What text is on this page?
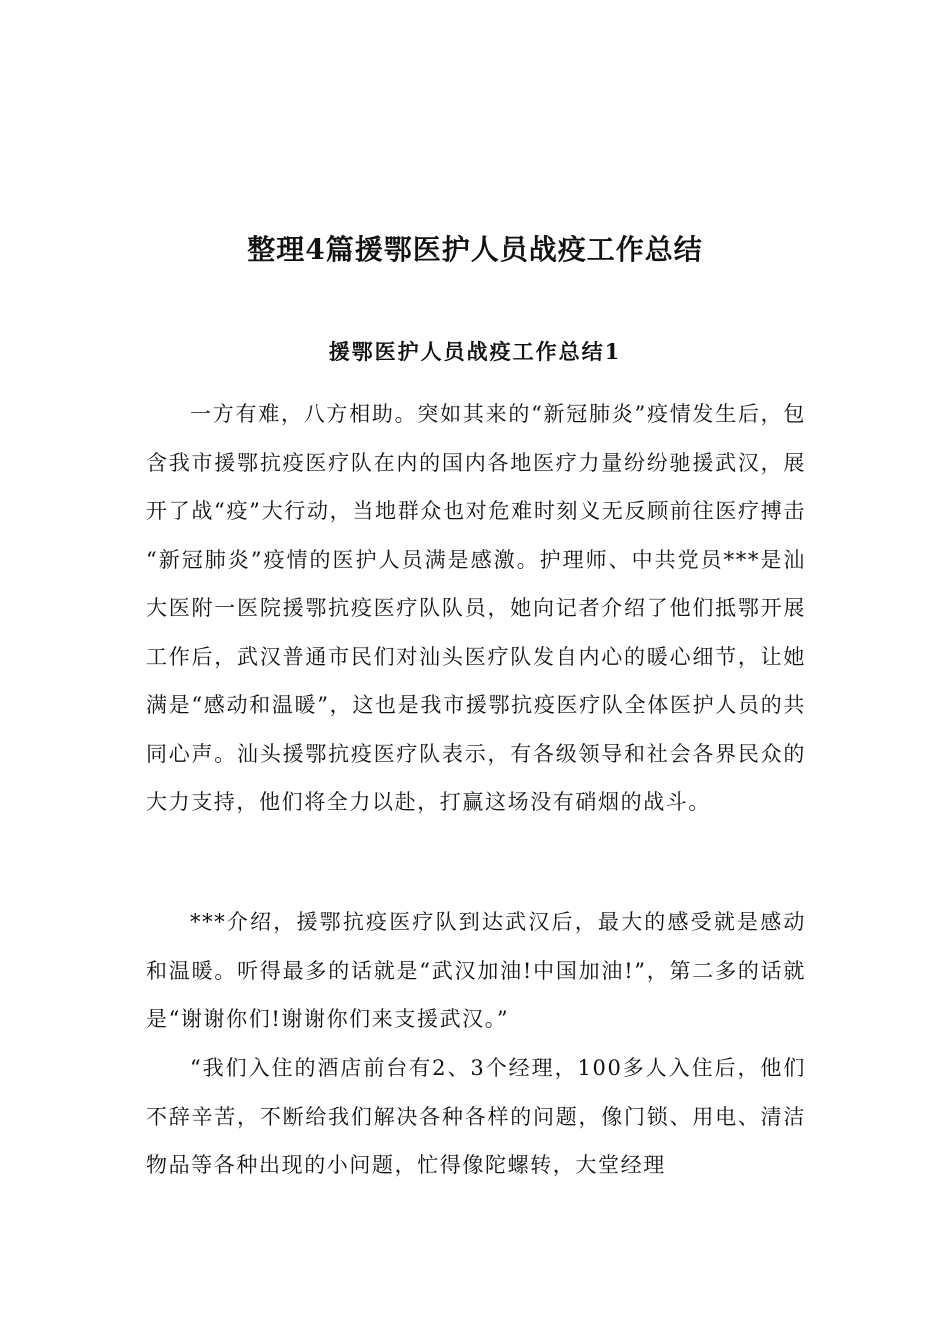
整理4篇援鄂医护人员战疫工作总结
援鄂医护人员战疫工作总结1

一方有难，八方相助。突如其来的“新冠肺炎”疫情发生后，包含我市援鄂抗疫医疗队在内的国内各地医疗力量纷纷驰援武汉，展开了战“疫”大行动，当地群众也对危难时刻义无反顾前往医疗搏击 “新冠肺炎”疫情的医护人员满是感激。护理师、中共党员***是汕大医附一医院援鄂抗疫医疗队队员，她向记者介绍了他们抵鄂开展工作后，武汉普通市民们对汕头医疗队发自内心的暖心细节，让她满是“感动和温暖”，这也是我市援鄂抗疫医疗队全体医护人员的共同心声。汕头援鄂抗疫医疗队表示，有各级领导和社会各界民众的大力支持，他们将全力以赴，打赢这场没有硝烟的战斗。

***介绍，援鄂抗疫医疗队到达武汉后，最大的感受就是感动和温暖。听得最多的话就是“武汉加油!中国加油!”，第二多的话就是“谢谢你们!谢谢你们来支援武汉。”

“我们入住的酒店前台有2、3个经理，100多人入住后，他们不辞辛苦，不断给我们解决各种各样的问题，像门锁、用电、清洁物品等各种出现的小问题，忙得像陀螺转，大堂经理
